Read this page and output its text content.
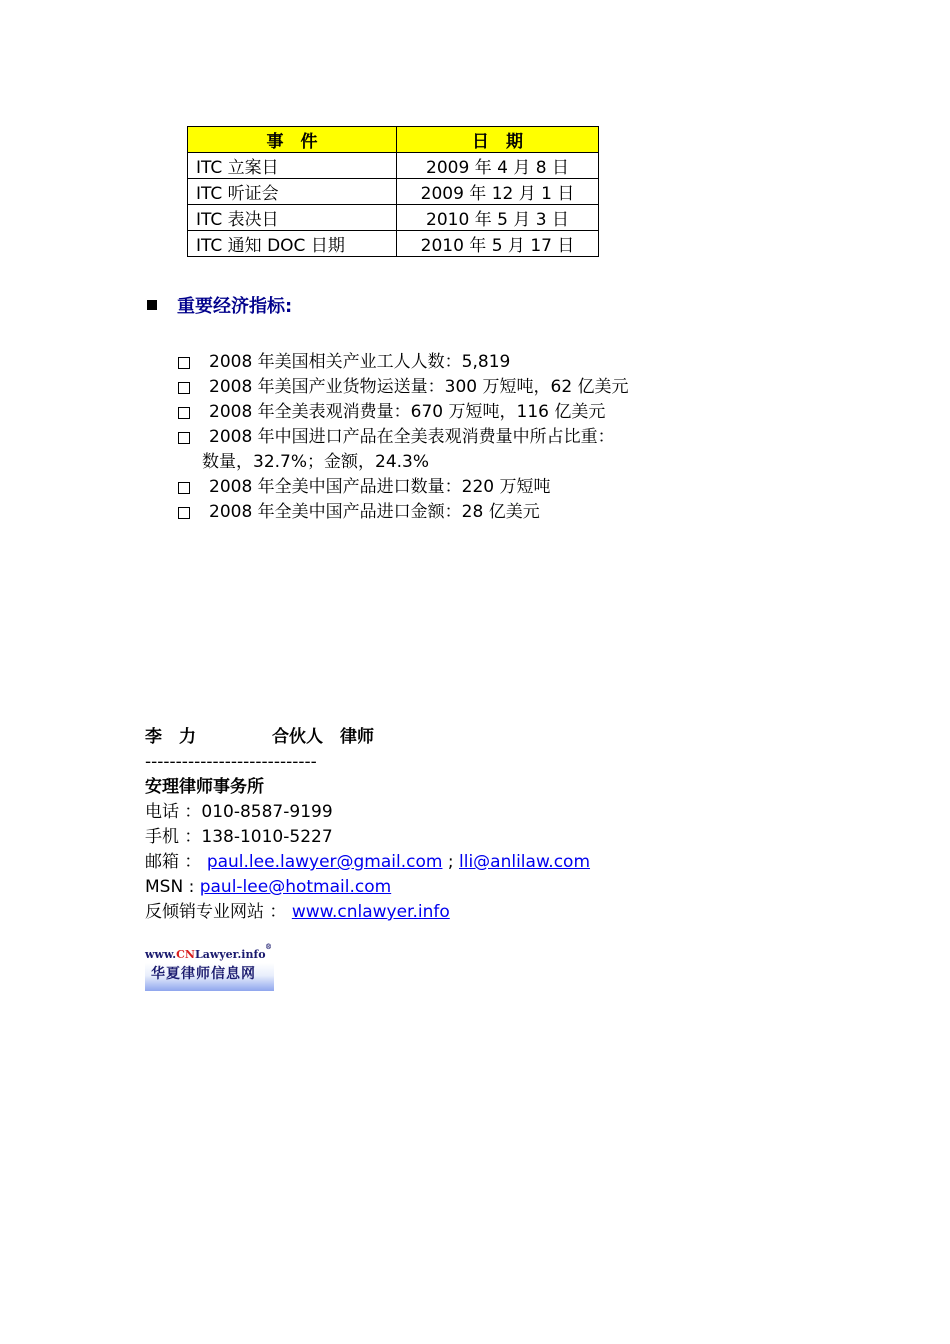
事　件	日　期
ITC 立案日	2009 年 4 月 8 日
ITC 听证会	2009 年 12 月 1 日
ITC 表决日	2010 年 5 月 3 日
ITC 通知 DOC 日期	2010 年 5 月 17 日
重要经济指标:
2008 年美国相关产业工人人数：5,819
2008 年美国产业货物运送量：300 万短吨，62 亿美元
2008 年全美表观消费量：670 万短吨，116 亿美元
2008 年中国进口产品在全美表观消费量中所占比重：
数量，32.7%；金额，24.3%
2008 年全美中国产品进口数量：220 万短吨
2008 年全美中国产品进口金额：28 亿美元
李　力	合伙人　律师
----------------------------
安理律师事务所
电话 ：010-8587-9199
手机 ：138-1010-5227
邮箱 ： paul.lee.lawyer@gmail.com ; lli@anlilaw.com
MSN : paul-lee@hotmail.com
反倾销专业网站 ： www.cnlawyer.info
www.CNLawyer.info
®
华夏律师信息网
